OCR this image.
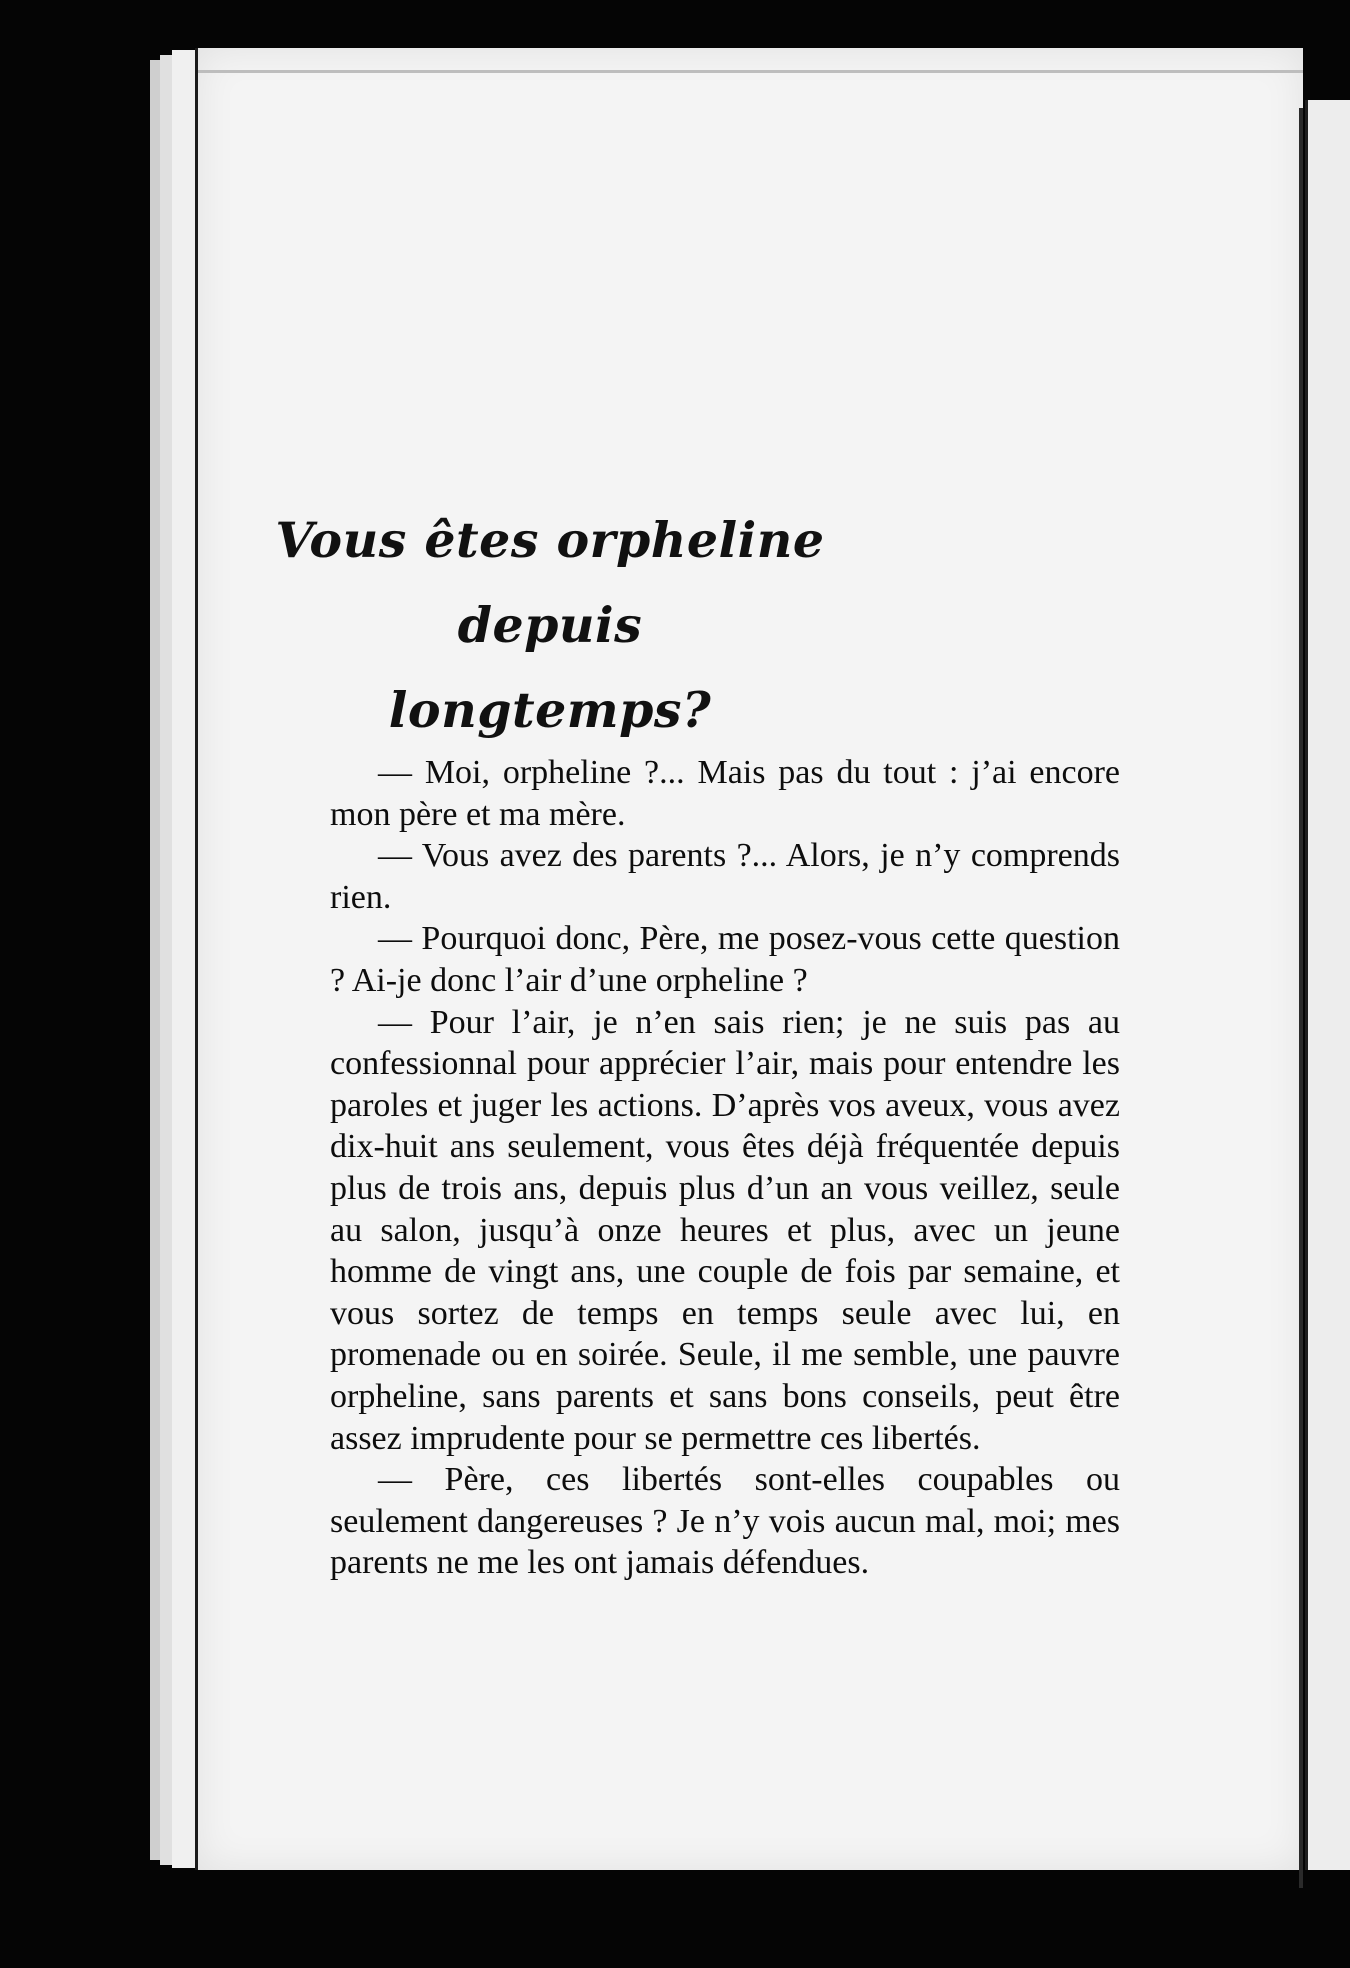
Vous êtes orpheline depuis
longtemps?

— Moi, orpheline ?... Mais pas du tout : j’ai encore mon père et ma mère.

— Vous avez des parents ?... Alors, je n’y comprends rien.

— Pourquoi donc, Père, me posez-vous cette question ? Ai-je donc l’air d’une orpheline ?

— Pour l’air, je n’en sais rien; je ne suis pas au confessionnal pour apprécier l’air, mais pour entendre les paroles et juger les actions. D’après vos aveux, vous avez dix-huit ans seulement, vous êtes déjà fréquentée depuis plus de trois ans, depuis plus d’un an vous veillez, seule au salon, jusqu’à onze heures et plus, avec un jeune homme de vingt ans, une couple de fois par semaine, et vous sortez de temps en temps seule avec lui, en promenade ou en soirée. Seule, il me semble, une pauvre orpheline, sans parents et sans bons conseils, peut être assez imprudente pour se permettre ces libertés.

— Père, ces libertés sont-elles coupables ou seulement dangereuses ? Je n’y vois aucun mal, moi; mes parents ne me les ont jamais défendues.
